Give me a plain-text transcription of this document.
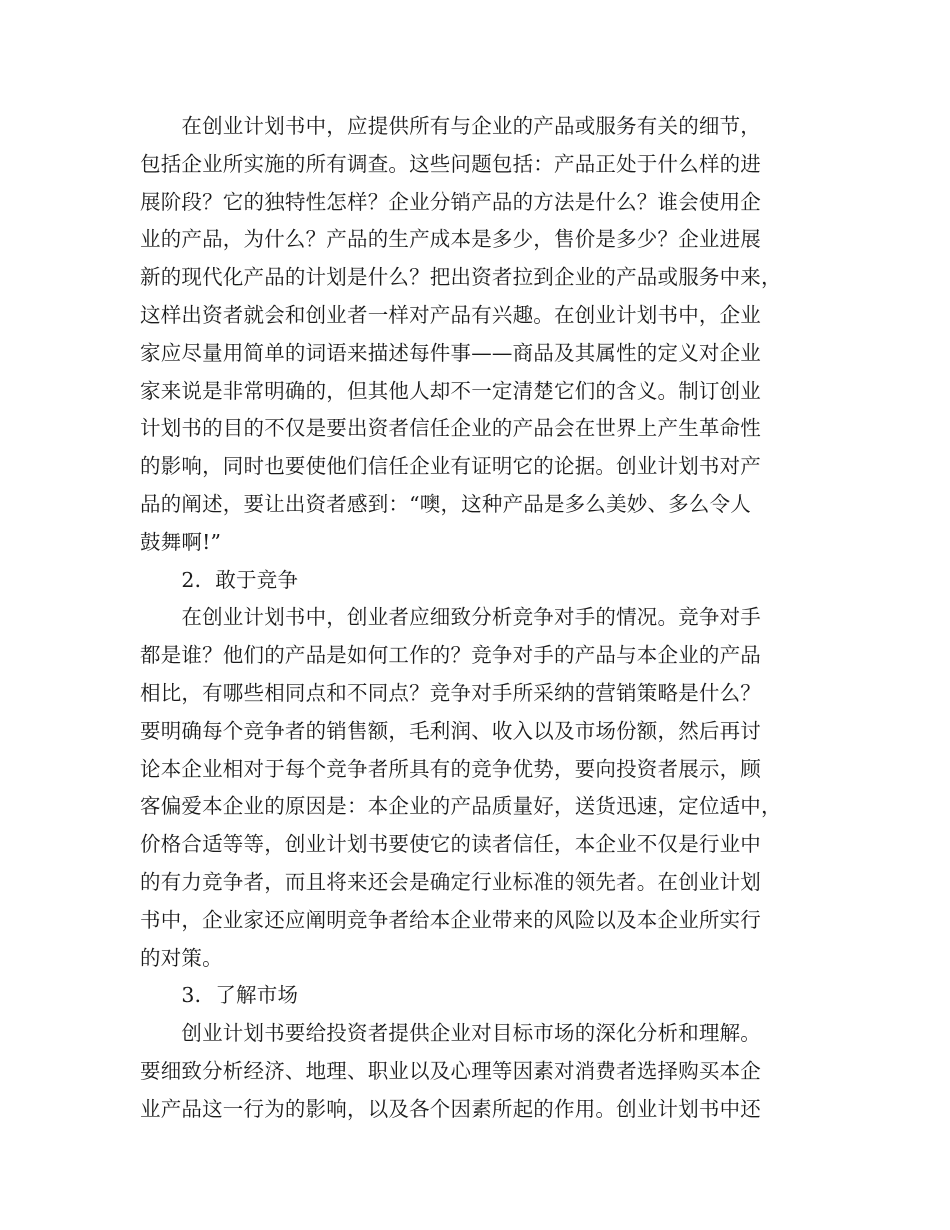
　　在创业计划书中，应提供所有与企业的产品或服务有关的细节，
包括企业所实施的所有调查。这些问题包括：产品正处于什么样的进
展阶段？它的独特性怎样？企业分销产品的方法是什么？谁会使用企
业的产品，为什么？产品的生产成本是多少，售价是多少？企业进展
新的现代化产品的计划是什么？把出资者拉到企业的产品或服务中来，
这样出资者就会和创业者一样对产品有兴趣。在创业计划书中，企业
家应尽量用简单的词语来描述每件事——商品及其属性的定义对企业
家来说是非常明确的，但其他人却不一定清楚它们的含义。制订创业
计划书的目的不仅是要出资者信任企业的产品会在世界上产生革命性
的影响，同时也要使他们信任企业有证明它的论据。创业计划书对产
品的阐述，要让出资者感到：“噢，这种产品是多么美妙、多么令人
鼓舞啊!”
　　2．敢于竞争
　　在创业计划书中，创业者应细致分析竞争对手的情况。竞争对手
都是谁？他们的产品是如何工作的？竞争对手的产品与本企业的产品
相比，有哪些相同点和不同点？竞争对手所采纳的营销策略是什么？
要明确每个竞争者的销售额，毛利润、收入以及市场份额，然后再讨
论本企业相对于每个竞争者所具有的竞争优势，要向投资者展示，顾
客偏爱本企业的原因是：本企业的产品质量好，送货迅速，定位适中，
价格合适等等，创业计划书要使它的读者信任，本企业不仅是行业中
的有力竞争者，而且将来还会是确定行业标准的领先者。在创业计划
书中，企业家还应阐明竞争者给本企业带来的风险以及本企业所实行
的对策。
　　3．了解市场
　　创业计划书要给投资者提供企业对目标市场的深化分析和理解。
要细致分析经济、地理、职业以及心理等因素对消费者选择购买本企
业产品这一行为的影响，以及各个因素所起的作用。创业计划书中还
